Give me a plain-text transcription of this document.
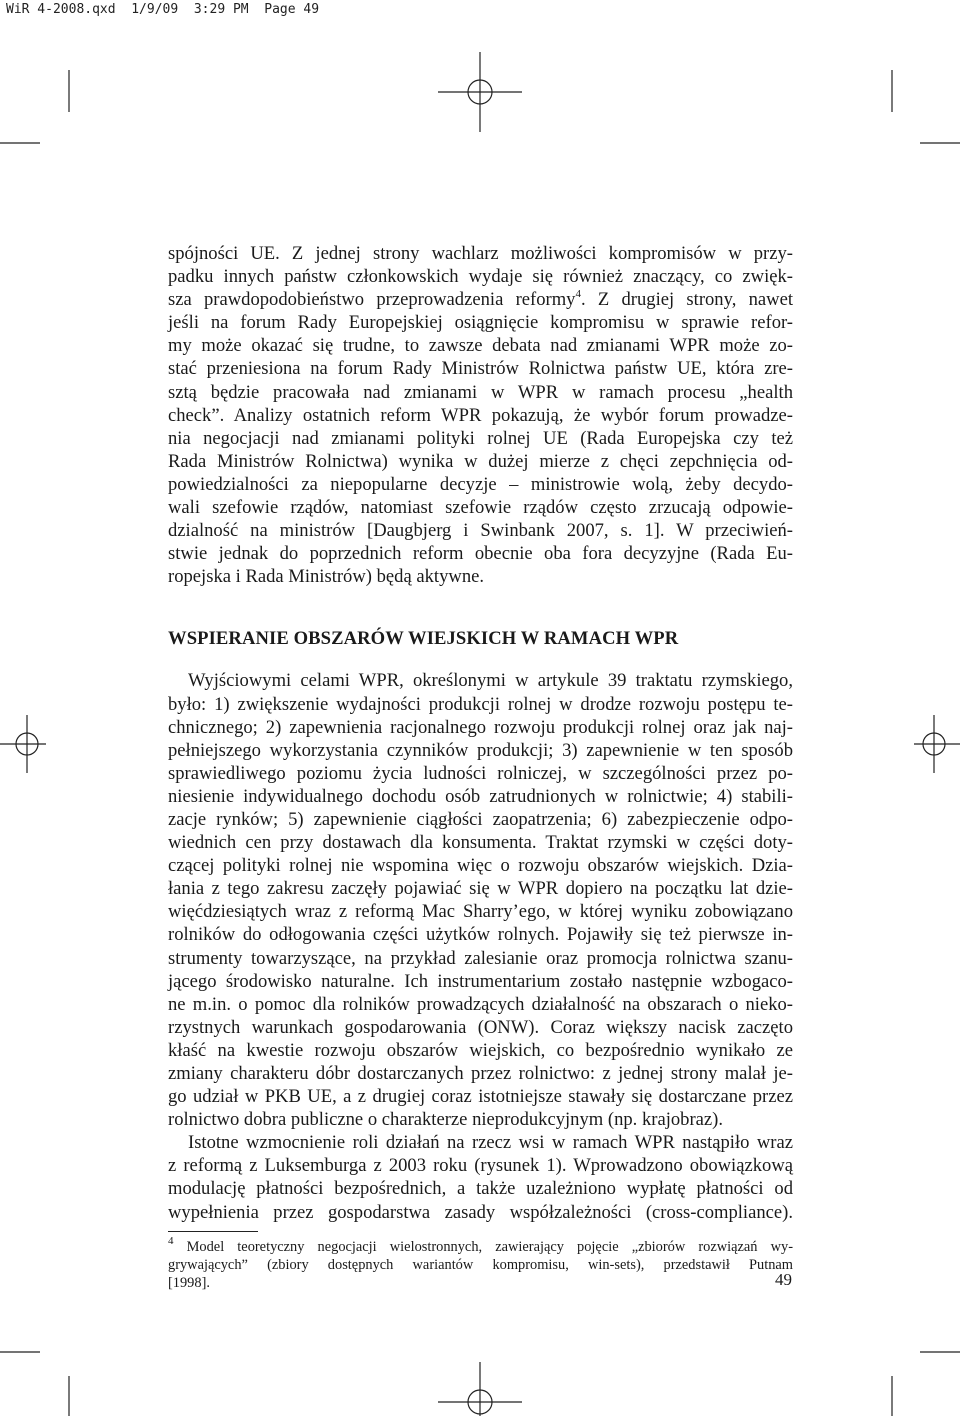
WiR 4-2008.qxd  1/9/09  3:29 PM  Page 49

spójności UE. Z jednej strony wachlarz możliwości kompromisów w przy-
padku innych państw członkowskich wydaje się również znaczący, co zwięk-
sza prawdopodobieństwo przeprowadzenia reformy$^4$. Z drugiej strony, nawet
jeśli na forum Rady Europejskiej osiągnięcie kompromisu w sprawie refor-
my może okazać się trudne, to zawsze debata nad zmianami WPR może zo-
stać przeniesiona na forum Rady Ministrów Rolnictwa państw UE, która zre-
sztą będzie pracowała nad zmianami w WPR w ramach procesu „health
check”. Analizy ostatnich reform WPR pokazują, że wybór forum prowadze-
nia negocjacji nad zmianami polityki rolnej UE (Rada Europejska czy też
Rada Ministrów Rolnictwa) wynika w dużej mierze z chęci zepchnięcia od-
powiedzialności za niepopularne decyzje – ministrowie wolą, żeby decydo-
wali szefowie rządów, natomiast szefowie rządów często zrzucają odpowie-
dzialność na ministrów [Daugbjerg i Swinbank 2007, s. 1]. W przeciwień-
stwie jednak do poprzednich reform obecnie oba fora decyzyjne (Rada Eu-
ropejska i Rada Ministrów) będą aktywne.

WSPIERANIE OBSZARÓW WIEJSKICH W RAMACH WPR

Wyjściowymi celami WPR, określonymi w artykule 39 traktatu rzymskiego,
było: 1) zwiększenie wydajności produkcji rolnej w drodze rozwoju postępu te-
chnicznego; 2) zapewnienia racjonalnego rozwoju produkcji rolnej oraz jak naj-
pełniejszego wykorzystania czynników produkcji; 3) zapewnienie w ten sposób
sprawiedliwego poziomu życia ludności rolniczej, w szczególności przez po-
niesienie indywidualnego dochodu osób zatrudnionych w rolnictwie; 4) stabili-
zacje rynków; 5) zapewnienie ciągłości zaopatrzenia; 6) zabezpieczenie odpo-
wiednich cen przy dostawach dla konsumenta. Traktat rzymski w części doty-
czącej polityki rolnej nie wspomina więc o rozwoju obszarów wiejskich. Dzia-
łania z tego zakresu zaczęły pojawiać się w WPR dopiero na początku lat dzie-
więćdziesiątych wraz z reformą Mac Sharry’ego, w której wyniku zobowiązano
rolników do odłogowania części użytków rolnych. Pojawiły się też pierwsze in-
strumenty towarzyszące, na przykład zalesianie oraz promocja rolnictwa szanu-
jącego środowisko naturalne. Ich instrumentarium zostało następnie wzbogaco-
ne m.in. o pomoc dla rolników prowadzących działalność na obszarach o nieko-
rzystnych warunkach gospodarowania (ONW). Coraz większy nacisk zaczęto
kłaść na kwestie rozwoju obszarów wiejskich, co bezpośrednio wynikało ze
zmiany charakteru dóbr dostarczanych przez rolnictwo: z jednej strony malał je-
go udział w PKB UE, a z drugiej coraz istotniejsze stawały się dostarczane przez
rolnictwo dobra publiczne o charakterze nieprodukcyjnym (np. krajobraz).

Istotne wzmocnienie roli działań na rzecz wsi w ramach WPR nastąpiło wraz
z reformą z Luksemburga z 2003 roku (rysunek 1). Wprowadzono obowiązkową
modulację płatności bezpośrednich, a także uzależniono wypłatę płatności od
wypełnienia przez gospodarstwa zasady współzależności (cross-compliance).

$^4$ Model teoretyczny negocjacji wielostronnych, zawierający pojęcie „zbiorów rozwiązań wy-
grywających” (zbiory dostępnych wariantów kompromisu, win-sets), przedstawił Putnam
[1998].	49
